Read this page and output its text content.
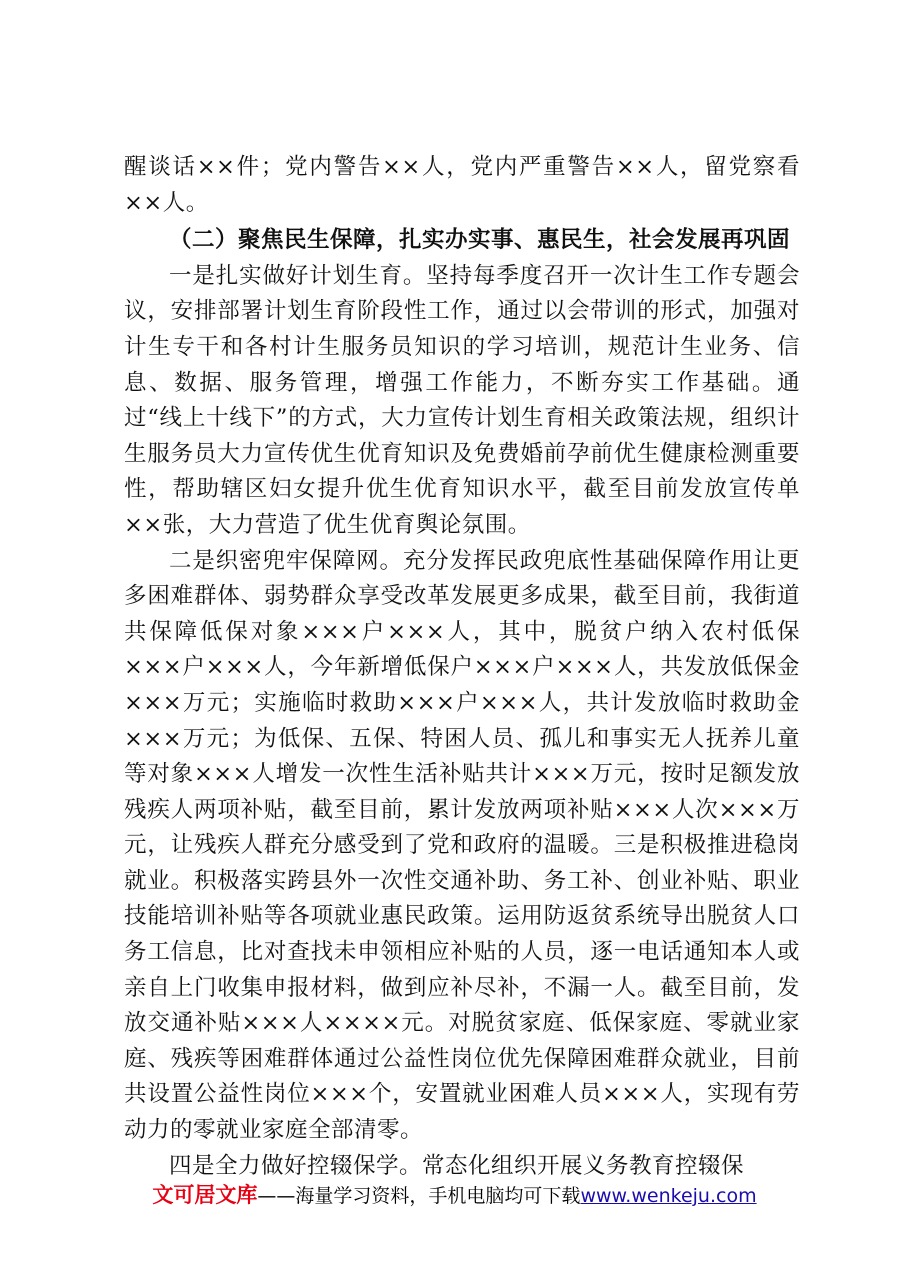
醒谈话××件；党内警告××人，党内严重警告××人，留党察看××人。

（二）聚焦民生保障，扎实办实事、惠民生，社会发展再巩固

一是扎实做好计划生育。坚持每季度召开一次计生工作专题会议，安排部署计划生育阶段性工作，通过以会带训的形式，加强对计生专干和各村计生服务员知识的学习培训，规范计生业务、信息、数据、服务管理，增强工作能力，不断夯实工作基础。通过“线上十线下”的方式，大力宣传计划生育相关政策法规，组织计生服务员大力宣传优生优育知识及免费婚前孕前优生健康检测重要性，帮助辖区妇女提升优生优育知识水平，截至目前发放宣传单××张，大力营造了优生优育舆论氛围。

二是织密兜牢保障网。充分发挥民政兜底性基础保障作用让更多困难群体、弱势群众享受改革发展更多成果，截至目前，我街道共保障低保对象×××户×××人，其中，脱贫户纳入农村低保×××户×××人，今年新增低保户×××户×××人，共发放低保金×××万元；实施临时救助×××户×××人，共计发放临时救助金×××万元；为低保、五保、特困人员、孤儿和事实无人抚养儿童等对象×××人增发一次性生活补贴共计×××万元，按时足额发放残疾人两项补贴，截至目前，累计发放两项补贴×××人次×××万元，让残疾人群充分感受到了党和政府的温暖。三是积极推进稳岗就业。积极落实跨县外一次性交通补助、务工补、创业补贴、职业技能培训补贴等各项就业惠民政策。运用防返贫系统导出脱贫人口务工信息，比对查找未申领相应补贴的人员，逐一电话通知本人或亲自上门收集申报材料，做到应补尽补，不漏一人。截至目前，发放交通补贴×××人××××元。对脱贫家庭、低保家庭、零就业家庭、残疾等困难群体通过公益性岗位优先保障困难群众就业，目前共设置公益性岗位×××个，安置就业困难人员×××人，实现有劳动力的零就业家庭全部清零。

四是全力做好控辍保学。常态化组织开展义务教育控辍保

文可居文库——海量学习资料，手机电脑均可下载www.wenkeju.com
